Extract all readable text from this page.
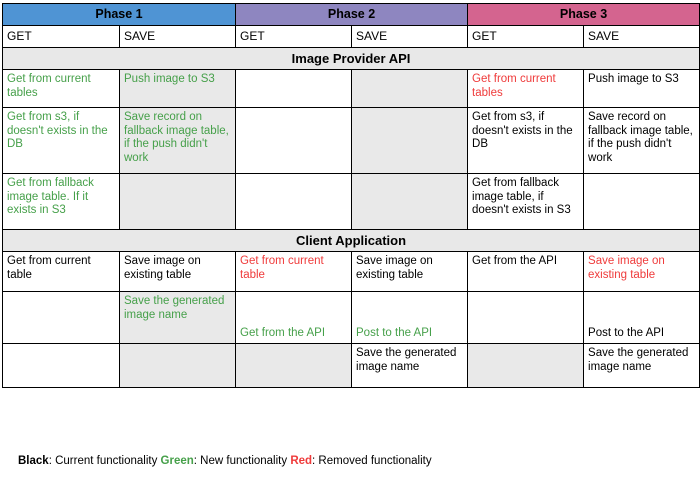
Phase 1		Phase 2		Phase 3	
GET	SAVE	GET	SAVE	GET	SAVE
Image Provider API					
Get from current tables	Push image to S3			Get from current tables	Push image to S3
Get from s3, if doesn't exists in the DB	Save record on fallback image table, if the push didn't work			Get from s3, if doesn't exists in the DB	Save record on fallback image table, if the push didn't work
Get from fallback image table. If it exists in S3				Get from fallback image table, if doesn't exists in S3	
Client Application					
Get from current table	Save image on existing table	Get from current table	Save image on existing table	Get from the API	Save image on existing table
	Save the generated image name	Get from the API	Post to the API		Post to the API
			Save the generated image name		Save the generated image name
Black: Current functionality Green: New functionality Red: Removed functionality
